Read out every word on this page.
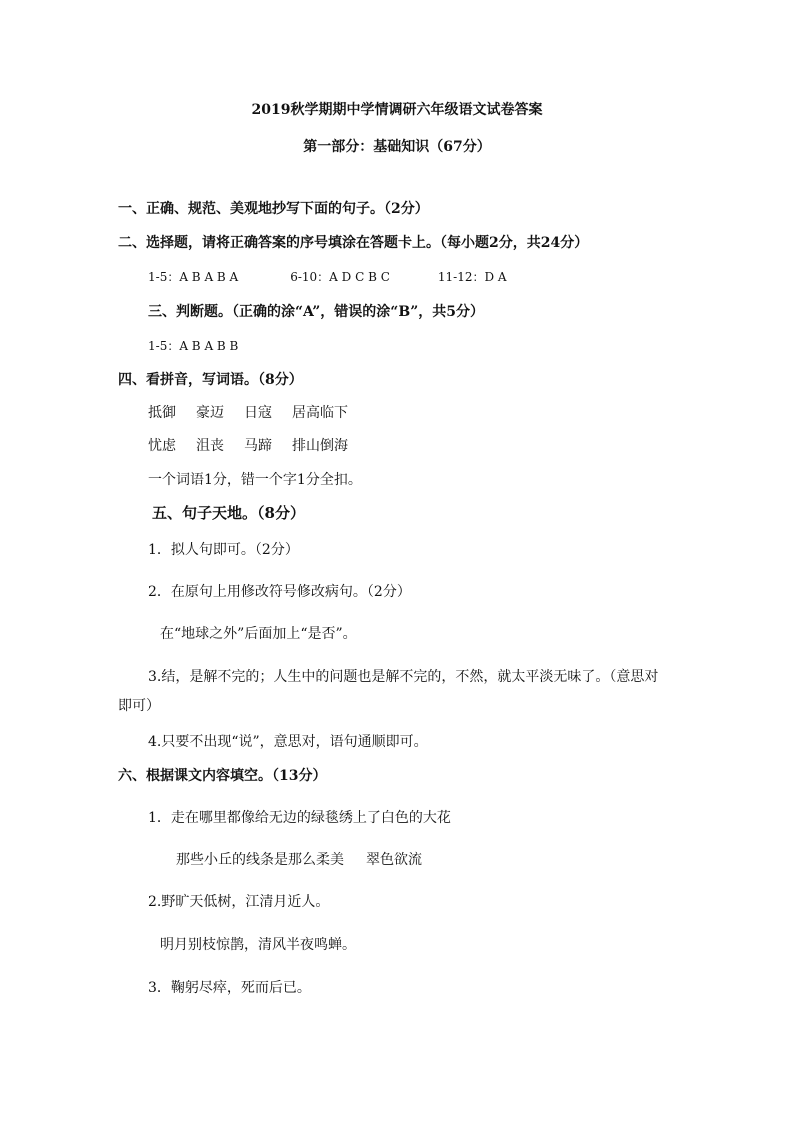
2019秋学期期中学情调研六年级语文试卷答案
第一部分：基础知识（67分）
一、正确、规范、美观地抄写下面的句子。（2分）
二、选择题，请将正确答案的序号填涂在答题卡上。（每小题2分，共24分）
1-5：A B A B A	6-10：A D C B C	11-12：D A
三、判断题。（正确的涂“A”，错误的涂“B”，共5分）
1-5：A B A B B
四、看拼音，写词语。（8分）
抵御 豪迈 日寇 居高临下
忧虑 沮丧 马蹄 排山倒海
一个词语1分，错一个字1分全扣。
五、句子天地。（8分）
1．拟人句即可。（2分）
2．在原句上用修改符号修改病句。（2分）
在“地球之外”后面加上“是否”。
3.结，是解不完的；人生中的问题也是解不完的，不然，就太平淡无味了。（意思对
即可）
4.只要不出现“说”，意思对，语句通顺即可。
六、根据课文内容填空。（13分）
1．走在哪里都像给无边的绿毯绣上了白色的大花
那些小丘的线条是那么柔美 翠色欲流
2.野旷天低树，江清月近人。
明月别枝惊鹊，清风半夜鸣蝉。
3．鞠躬尽瘁，死而后已。
